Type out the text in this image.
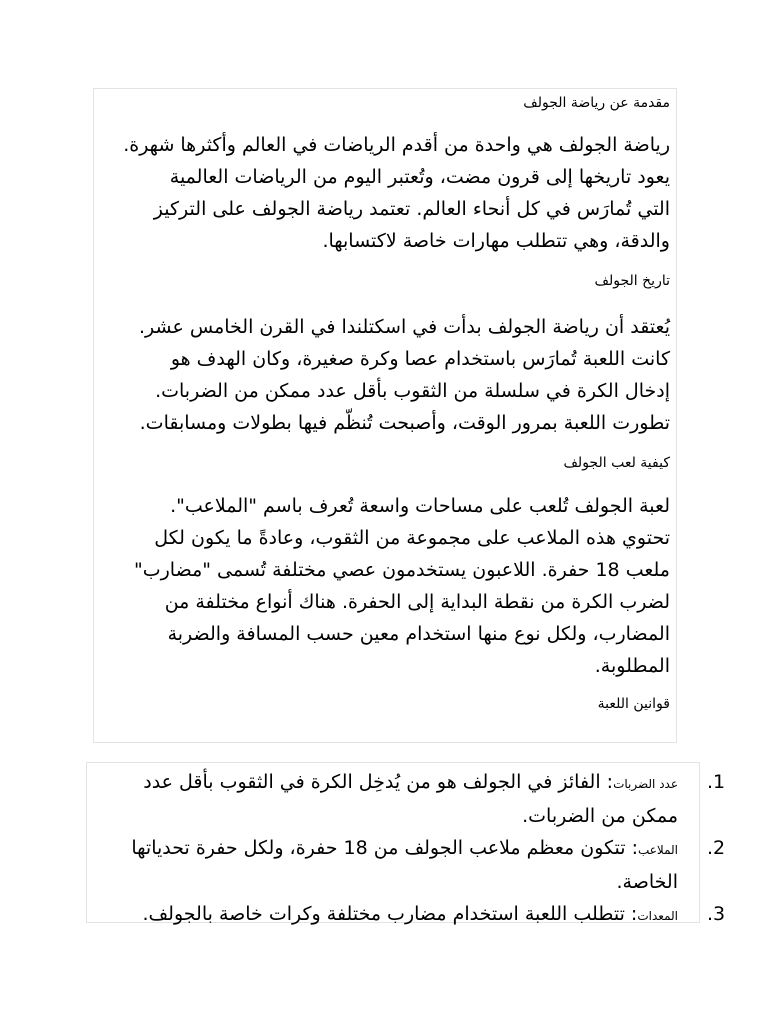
مقدمة عن رياضة الجولف

رياضة الجولف هي واحدة من أقدم الرياضات في العالم وأكثرها شهرة.
يعود تاريخها إلى قرون مضت، وتُعتبر اليوم من الرياضات العالمية
التي تُمارَس في كل أنحاء العالم. تعتمد رياضة الجولف على التركيز
والدقة، وهي تتطلب مهارات خاصة لاكتسابها.

تاريخ الجولف

يُعتقد أن رياضة الجولف بدأت في اسكتلندا في القرن الخامس عشر.
كانت اللعبة تُمارَس باستخدام عصا وكرة صغيرة، وكان الهدف هو
إدخال الكرة في سلسلة من الثقوب بأقل عدد ممكن من الضربات.
تطورت اللعبة بمرور الوقت، وأصبحت تُنظّم فيها بطولات ومسابقات.

كيفية لعب الجولف

لعبة الجولف تُلعب على مساحات واسعة تُعرف باسم "الملاعب".
تحتوي هذه الملاعب على مجموعة من الثقوب، وعادةً ما يكون لكل
ملعب 18 حفرة. اللاعبون يستخدمون عصي مختلفة تُسمى "مضارب"
لضرب الكرة من نقطة البداية إلى الحفرة. هناك أنواع مختلفة من
المضارب، ولكل نوع منها استخدام معين حسب المسافة والضربة
المطلوبة.

قوانين اللعبة

.1
عدد الضربات: الفائز في الجولف هو من يُدخِل الكرة في الثقوب بأقل عدد
ممكن من الضربات.
.2
الملاعب: تتكون معظم ملاعب الجولف من 18 حفرة، ولكل حفرة تحدياتها
الخاصة.
.3
المعدات: تتطلب اللعبة استخدام مضارب مختلفة وكرات خاصة بالجولف.
